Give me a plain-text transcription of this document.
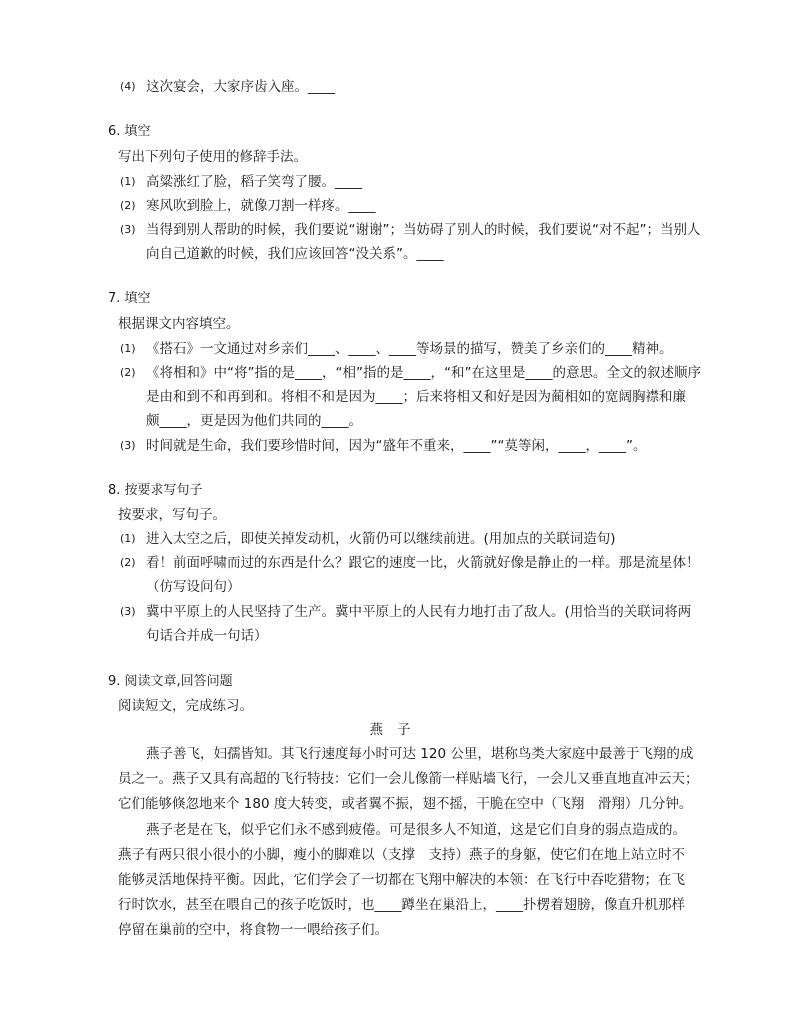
(4) 这次宴会，大家序齿入座。____
6. 填空
写出下列句子使用的修辞手法。
(1) 高粱涨红了脸，稻子笑弯了腰。____
(2) 寒风吹到脸上，就像刀割一样疼。____
(3) 当得到别人帮助的时候，我们要说“谢谢”；当妨碍了别人的时候，我们要说“对不起”；当别人
向自己道歉的时候，我们应该回答“没关系”。____
7. 填空
根据课文内容填空。
(1) 《搭石》一文通过对乡亲们____、____、____等场景的描写，赞美了乡亲们的____精神。
(2) 《将相和》中“将”指的是____，“相”指的是____，“和”在这里是____的意思。全文的叙述顺序
是由和到不和再到和。将相不和是因为____；后来将相又和好是因为蔺相如的宽阔胸襟和廉
颇____，更是因为他们共同的____。
(3) 时间就是生命，我们要珍惜时间，因为“盛年不重来，____”“莫等闲，____，____”。
8. 按要求写句子
按要求，写句子。
(1) 进入太空之后，即使关掉发动机，火箭仍可以继续前进。(用加点的关联词造句)
(2) 看！前面呼啸而过的东西是什么？跟它的速度一比，火箭就好像是静止的一样。那是流星体！
（仿写设问句）
(3) 冀中平原上的人民坚持了生产。冀中平原上的人民有力地打击了敌人。(用恰当的关联词将两
句话合并成一句话）
9. 阅读文章,回答问题
阅读短文，完成练习。
燕子
燕子善飞，妇孺皆知。其飞行速度每小时可达 120 公里，堪称鸟类大家庭中最善于飞翔的成
员之一。燕子又具有高超的飞行特技：它们一会儿像箭一样贴墙飞行，一会儿又垂直地直冲云天；
它们能够倏忽地来个 180 度大转变，或者翼不振，翅不摇，干脆在空中（飞翔　滑翔）几分钟。
燕子老是在飞，似乎它们永不感到疲倦。可是很多人不知道，这是它们自身的弱点造成的。
燕子有两只很小很小的小脚，瘦小的脚难以（支撑　支持）燕子的身躯，使它们在地上站立时不
能够灵活地保持平衡。因此，它们学会了一切都在飞翔中解决的本领：在飞行中吞吃猎物；在飞
行时饮水，甚至在喂自己的孩子吃饭时，也____蹲坐在巢沿上，____扑楞着翅膀，像直升机那样
停留在巢前的空中，将食物一一喂给孩子们。
